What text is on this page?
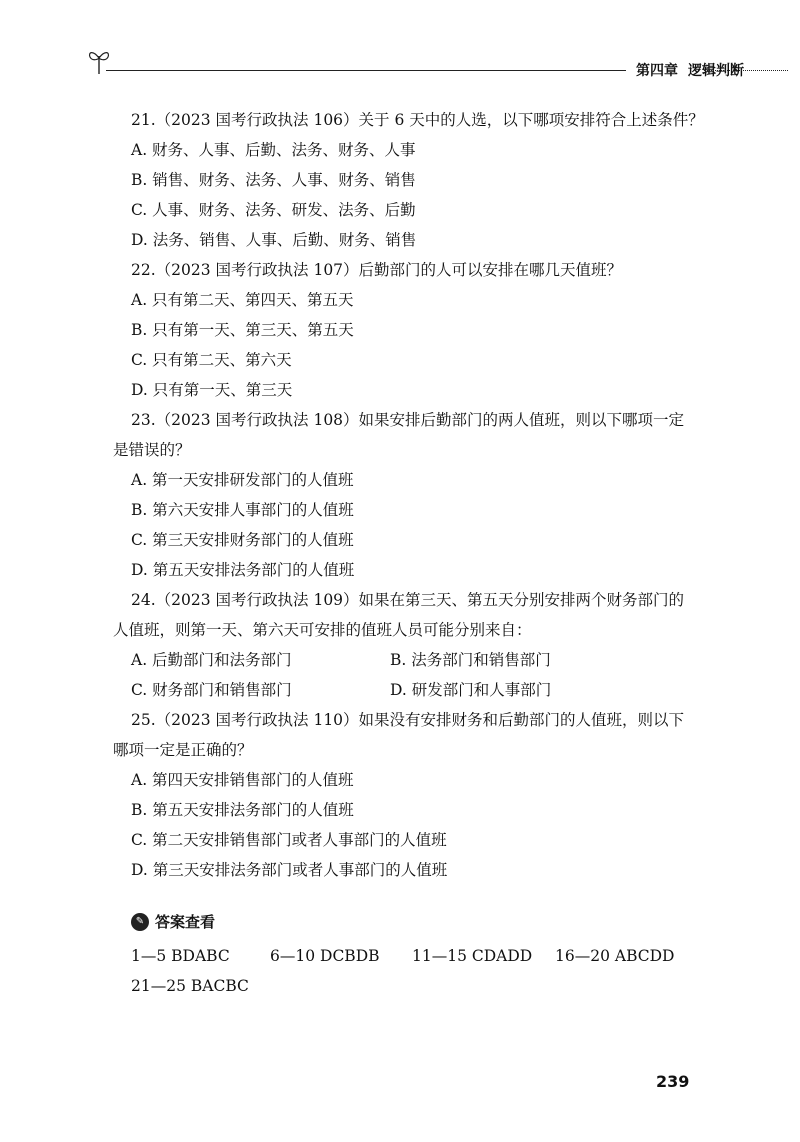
第四章 逻辑判断
21.（2023 国考行政执法 106）关于 6 天中的人选，以下哪项安排符合上述条件？
A. 财务、人事、后勤、法务、财务、人事
B. 销售、财务、法务、人事、财务、销售
C. 人事、财务、法务、研发、法务、后勤
D. 法务、销售、人事、后勤、财务、销售
22.（2023 国考行政执法 107）后勤部门的人可以安排在哪几天值班？
A. 只有第二天、第四天、第五天
B. 只有第一天、第三天、第五天
C. 只有第二天、第六天
D. 只有第一天、第三天
23.（2023 国考行政执法 108）如果安排后勤部门的两人值班，则以下哪项一定
是错误的？
A. 第一天安排研发部门的人值班
B. 第六天安排人事部门的人值班
C. 第三天安排财务部门的人值班
D. 第五天安排法务部门的人值班
24.（2023 国考行政执法 109）如果在第三天、第五天分别安排两个财务部门的
人值班，则第一天、第六天可安排的值班人员可能分别来自：
A. 后勤部门和法务部门	B. 法务部门和销售部门
C. 财务部门和销售部门	D. 研发部门和人事部门
25.（2023 国考行政执法 110）如果没有安排财务和后勤部门的人值班，则以下
哪项一定是正确的？
A. 第四天安排销售部门的人值班
B. 第五天安排法务部门的人值班
C. 第二天安排销售部门或者人事部门的人值班
D. 第三天安排法务部门或者人事部门的人值班
✎ 答案查看
1—5 BDABC	6—10 DCBDB	11—15 CDADD	16—20 ABCDD
21—25 BACBC
239
